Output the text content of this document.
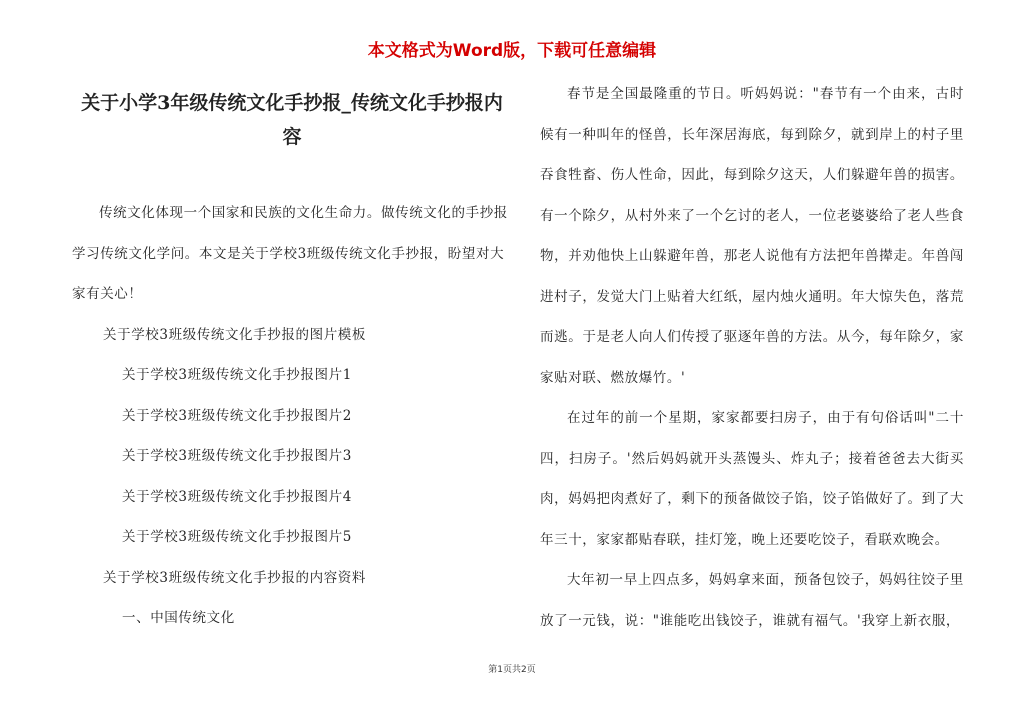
本文格式为Word版，下载可任意编辑
关于小学3年级传统文化手抄报_传统文化手抄报内容

传统文化体现一个国家和民族的文化生命力。做传统文化的手抄报学习传统文化学问。本文是关于学校3班级传统文化手抄报，盼望对大家有关心！

关于学校3班级传统文化手抄报的图片模板

关于学校3班级传统文化手抄报图片1

关于学校3班级传统文化手抄报图片2

关于学校3班级传统文化手抄报图片3

关于学校3班级传统文化手抄报图片4

关于学校3班级传统文化手抄报图片5

关于学校3班级传统文化手抄报的内容资料

一、中国传统文化

春节是全国最隆重的节日。听妈妈说："春节有一个由来，古时候有一种叫年的怪兽，长年深居海底，每到除夕，就到岸上的村子里吞食牲畜、伤人性命，因此，每到除夕这天，人们躲避年兽的损害。有一个除夕，从村外来了一个乞讨的老人，一位老婆婆给了老人些食物，并劝他快上山躲避年兽，那老人说他有方法把年兽撵走。年兽闯进村子，发觉大门上贴着大红纸，屋内烛火通明。年大惊失色，落荒而逃。于是老人向人们传授了驱逐年兽的方法。从今，每年除夕，家家贴对联、燃放爆竹。'

在过年的前一个星期，家家都要扫房子，由于有句俗话叫"二十四，扫房子。'然后妈妈就开头蒸馒头、炸丸子；接着爸爸去大街买肉，妈妈把肉煮好了，剩下的预备做饺子馅，饺子馅做好了。到了大年三十，家家都贴春联，挂灯笼，晚上还要吃饺子，看联欢晚会。

大年初一早上四点多，妈妈拿来面，预备包饺子，妈妈往饺子里放了一元钱，说："谁能吃出钱饺子，谁就有福气。'我穿上新衣服，

第1页共2页
